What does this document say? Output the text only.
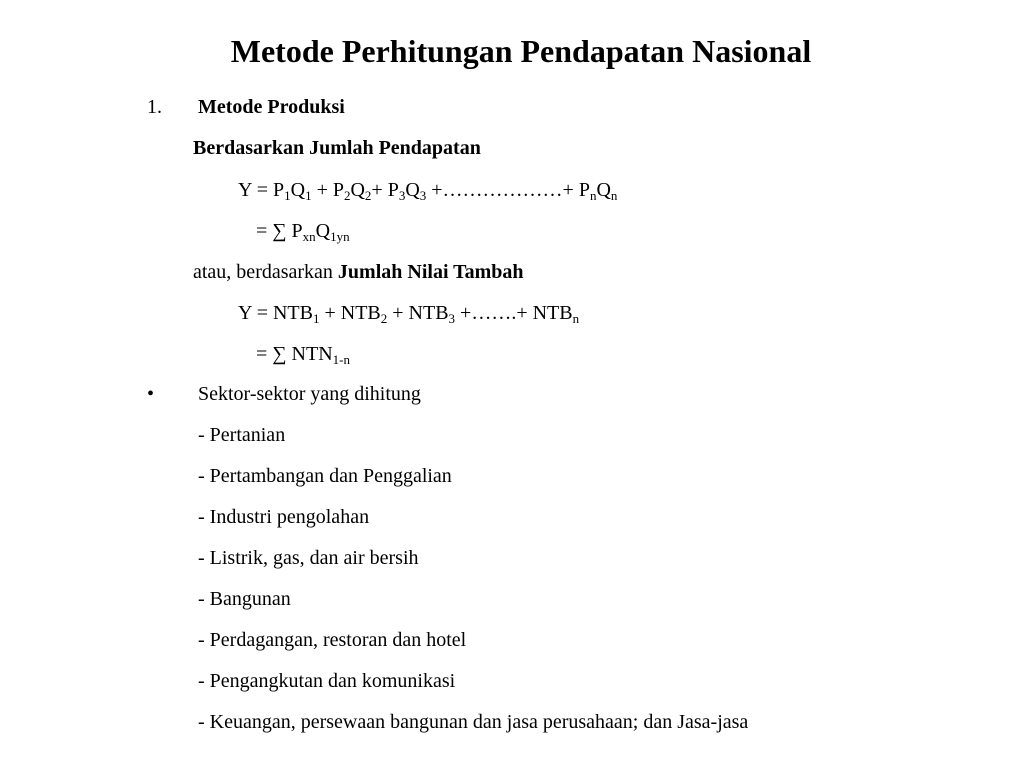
Metode Perhitungan Pendapatan Nasional
1. Metode Produksi
Berdasarkan Jumlah Pendapatan
$Y = P_1Q_1 + P_2Q_2+ P_3Q_3$ +………………+ $P_nQ_n$
= ∑ $P_{xn}Q_{1yn}$
atau, berdasarkan Jumlah Nilai Tambah
$Y = NTB_1 + NTB_2 + NTB_3$ +…….+ $NTB_n$
= ∑ $NTN_{1-n}$
• Sektor-sektor yang dihitung
- Pertanian
- Pertambangan dan Penggalian
- Industri pengolahan
- Listrik, gas, dan air bersih
- Bangunan
- Perdagangan, restoran dan hotel
- Pengangkutan dan komunikasi
- Keuangan, persewaan bangunan dan jasa perusahaan; dan Jasa-jasa
